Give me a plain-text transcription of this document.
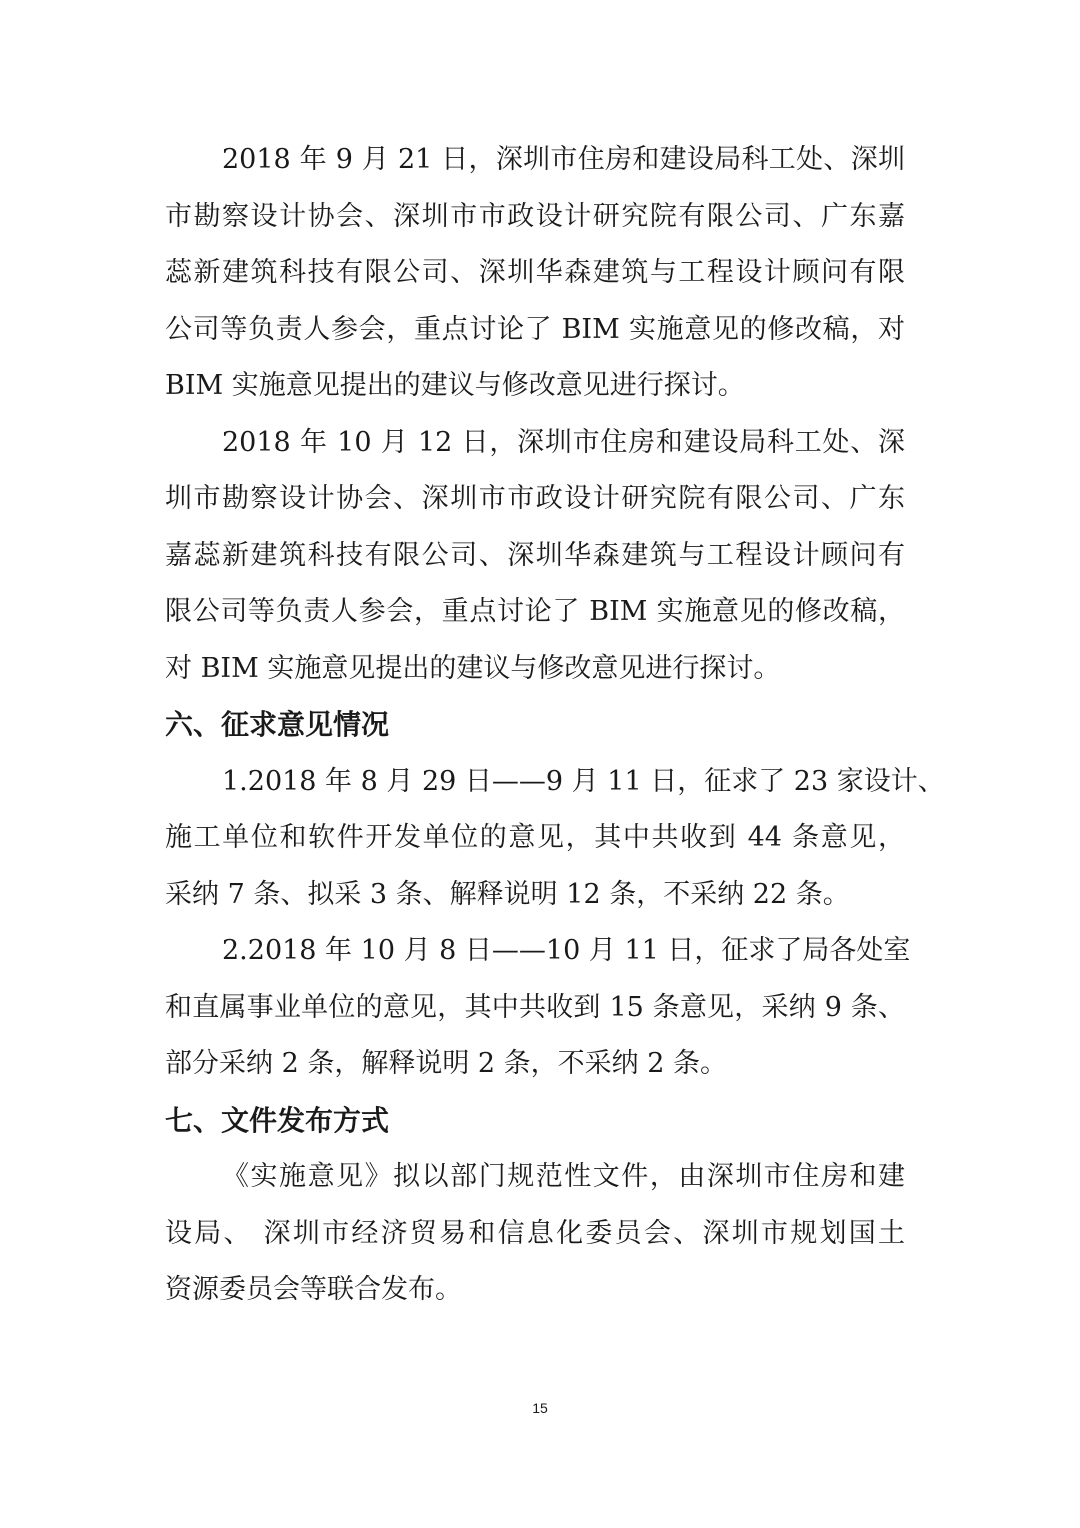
2018 年 9 月 21 日，深圳市住房和建设局科工处、深圳
市勘察设计协会、深圳市市政设计研究院有限公司、广东嘉
蕊新建筑科技有限公司、深圳华森建筑与工程设计顾问有限
公司等负责人参会，重点讨论了 BIM 实施意见的修改稿，对
BIM 实施意见提出的建议与修改意见进行探讨。
2018 年 10 月 12 日，深圳市住房和建设局科工处、深
圳市勘察设计协会、深圳市市政设计研究院有限公司、广东
嘉蕊新建筑科技有限公司、深圳华森建筑与工程设计顾问有
限公司等负责人参会，重点讨论了 BIM 实施意见的修改稿，
对 BIM 实施意见提出的建议与修改意见进行探讨。
六、征求意见情况
1.2018 年 8 月 29 日——9 月 11 日，征求了 23 家设计、
施工单位和软件开发单位的意见，其中共收到 44 条意见，
采纳 7 条、拟采 3 条、解释说明 12 条，不采纳 22 条。
2.2018 年 10 月 8 日——10 月 11 日，征求了局各处室
和直属事业单位的意见，其中共收到 15 条意见，采纳 9 条、
部分采纳 2 条，解释说明 2 条，不采纳 2 条。
七、文件发布方式
《实施意见》拟以部门规范性文件，由深圳市住房和建
设局、 深圳市经济贸易和信息化委员会、深圳市规划国土
资源委员会等联合发布。
15
